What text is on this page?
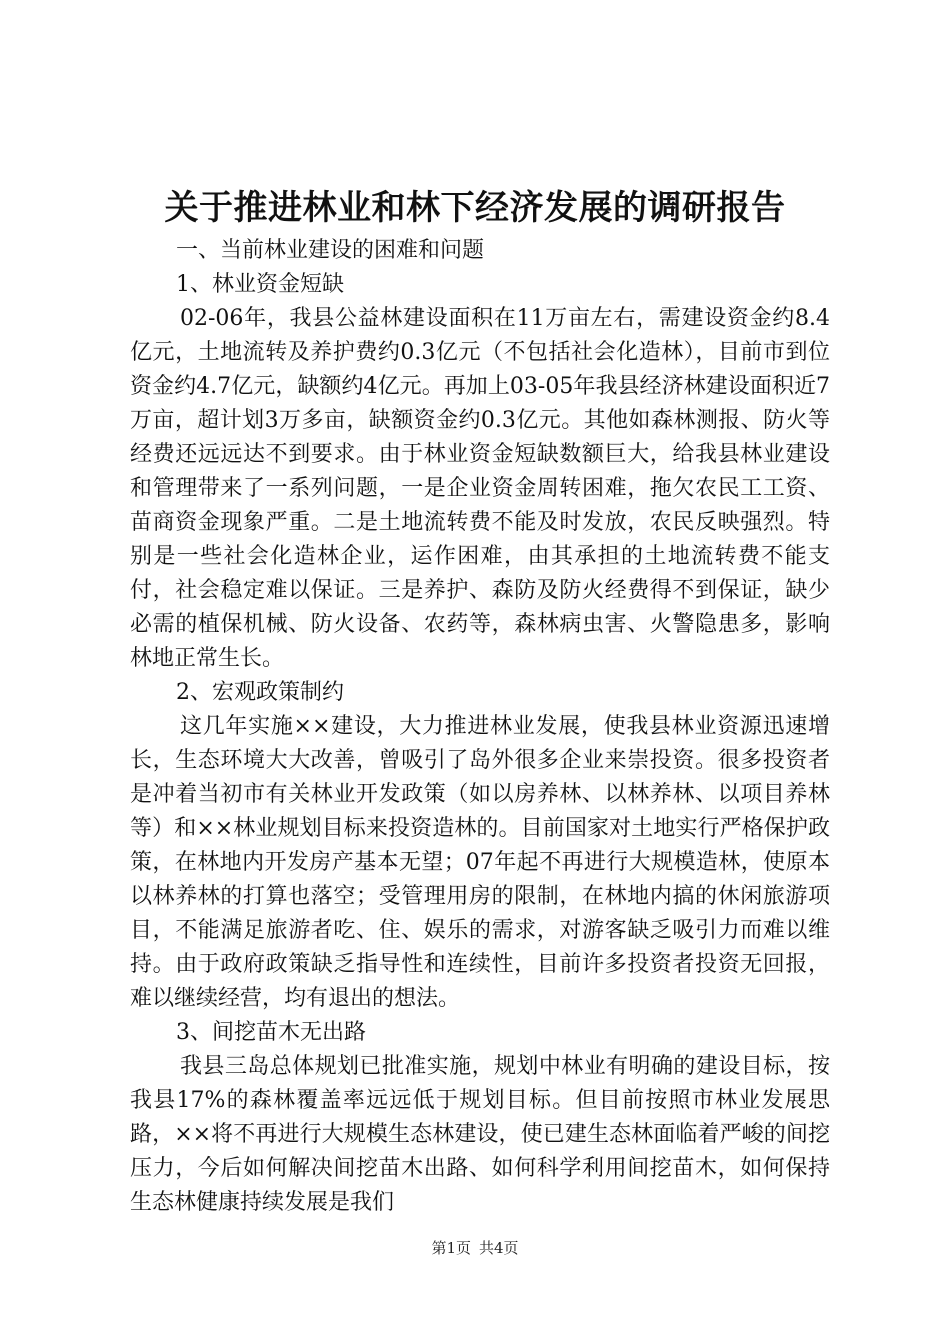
关于推进林业和林下经济发展的调研报告

一、当前林业建设的困难和问题

1、林业资金短缺

02-06年，我县公益林建设面积在11万亩左右，需建设资金约8.4亿元，土地流转及养护费约0.3亿元（不包括社会化造林），目前市到位资金约4.7亿元，缺额约4亿元。再加上03-05年我县经济林建设面积近7万亩，超计划3万多亩，缺额资金约0.3亿元。其他如森林测报、防火等经费还远远达不到要求。由于林业资金短缺数额巨大，给我县林业建设和管理带来了一系列问题，一是企业资金周转困难，拖欠农民工工资、苗商资金现象严重。二是土地流转费不能及时发放，农民反映强烈。特别是一些社会化造林企业，运作困难，由其承担的土地流转费不能支付，社会稳定难以保证。三是养护、森防及防火经费得不到保证，缺少必需的植保机械、防火设备、农药等，森林病虫害、火警隐患多，影响林地正常生长。

2、宏观政策制约

这几年实施××建设，大力推进林业发展，使我县林业资源迅速增长，生态环境大大改善，曾吸引了岛外很多企业来崇投资。很多投资者是冲着当初市有关林业开发政策（如以房养林、以林养林、以项目养林等）和××林业规划目标来投资造林的。目前国家对土地实行严格保护政策，在林地内开发房产基本无望；07年起不再进行大规模造林，使原本以林养林的打算也落空；受管理用房的限制，在林地内搞的休闲旅游项目，不能满足旅游者吃、住、娱乐的需求，对游客缺乏吸引力而难以维持。由于政府政策缺乏指导性和连续性，目前许多投资者投资无回报，难以继续经营，均有退出的想法。

3、间挖苗木无出路

我县三岛总体规划已批准实施，规划中林业有明确的建设目标，按我县17%的森林覆盖率远远低于规划目标。但目前按照市林业发展思路，××将不再进行大规模生态林建设，使已建生态林面临着严峻的间挖压力，今后如何解决间挖苗木出路、如何科学利用间挖苗木，如何保持生态林健康持续发展是我们

第1页 共4页
